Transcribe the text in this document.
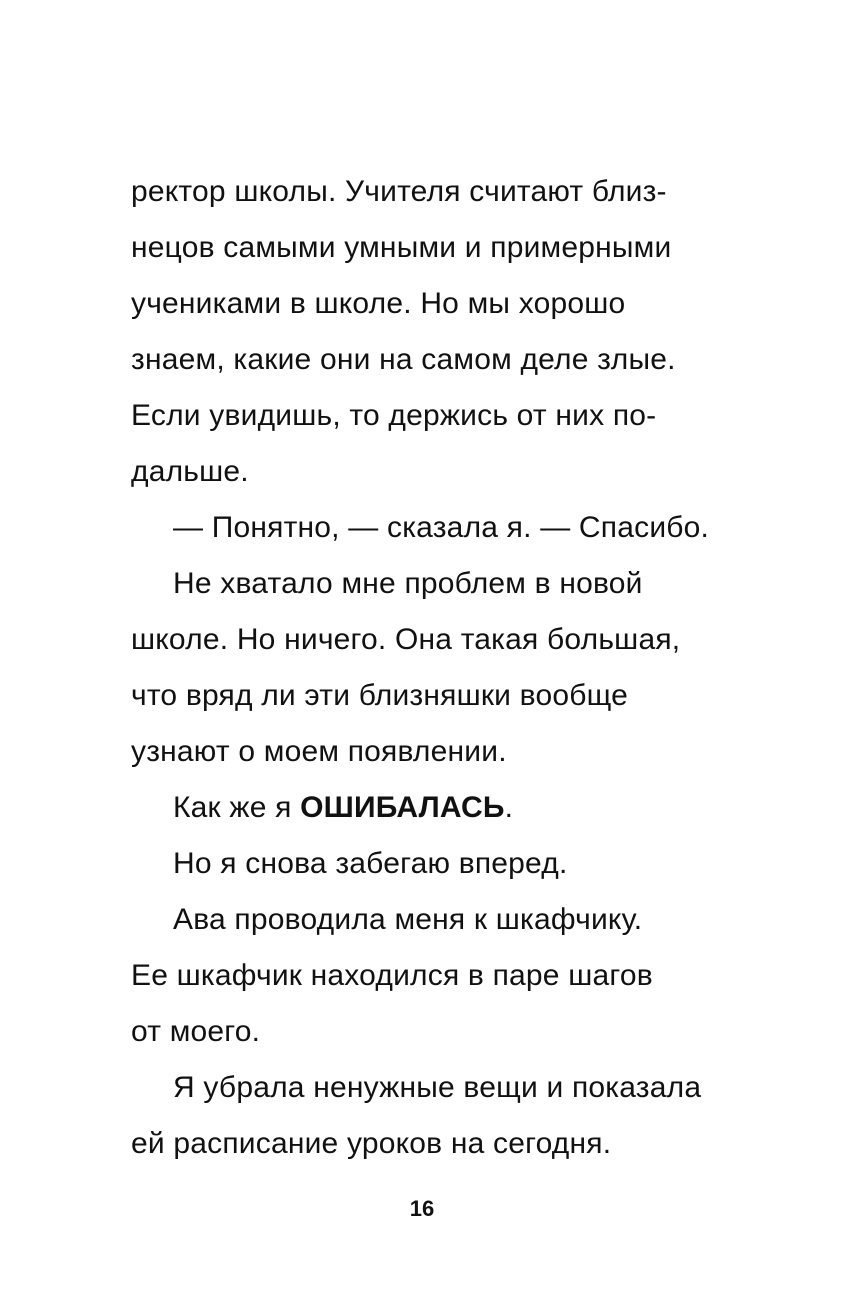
ректор школы. Учителя считают близ-
нецов самыми умными и примерными
учениками в школе. Но мы хорошо
знаем, какие они на самом деле злые.
Если увидишь, то держись от них по-
дальше.
— Понятно, — сказала я. — Спасибо.
Не хватало мне проблем в новой
школе. Но ничего. Она такая большая,
что вряд ли эти близняшки вообще
узнают о моем появлении.
Как же я ОШИБАЛАСЬ.
Но я снова забегаю вперед.
Ава проводила меня к шкафчику.
Ее шкафчик находился в паре шагов
от моего.
Я убрала ненужные вещи и показала
ей расписание уроков на сегодня.
16
